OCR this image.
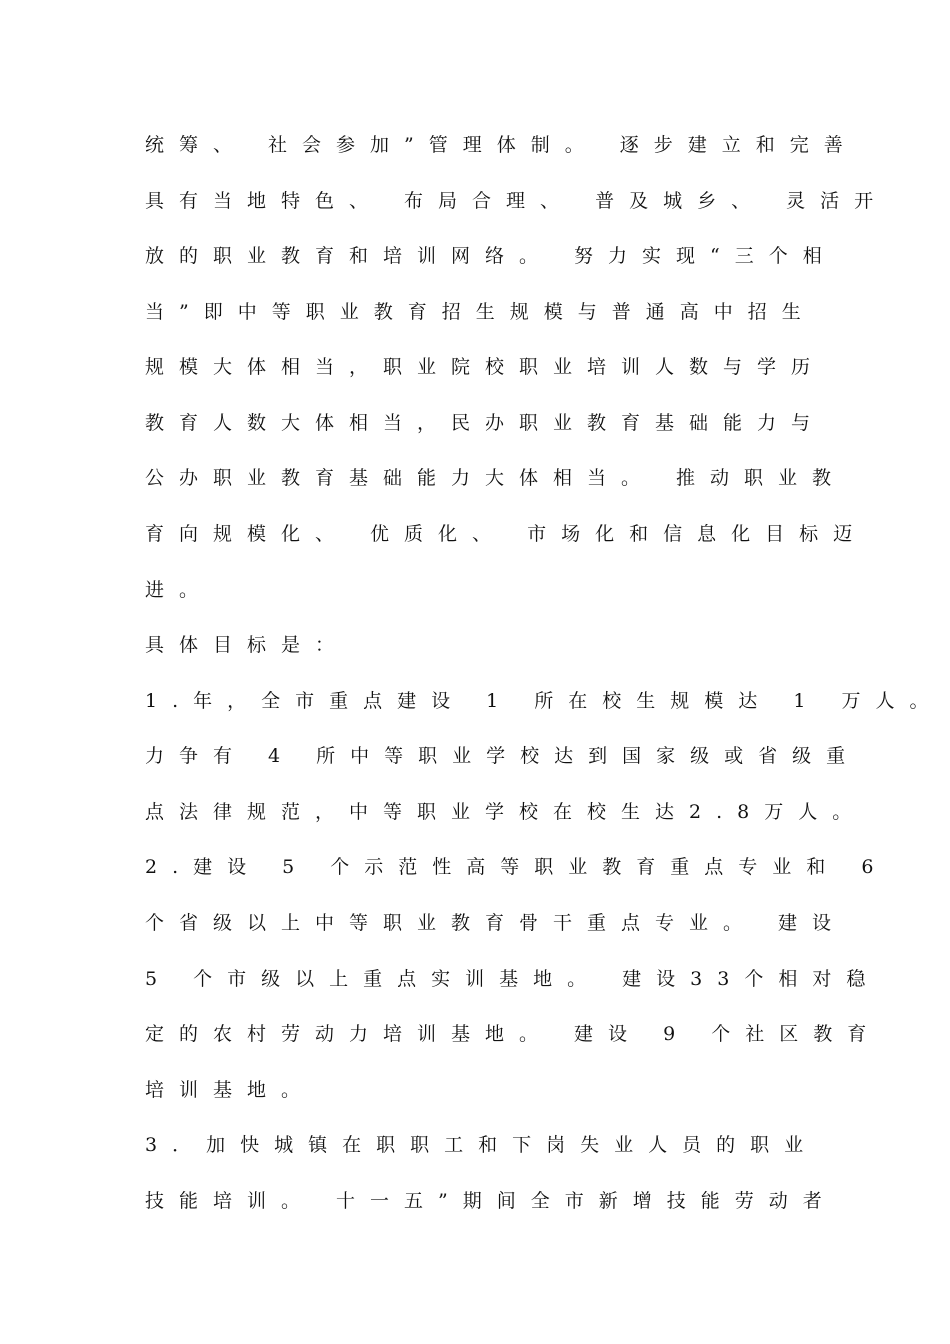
统筹、 社会参加”管理体制。 逐步建立和完善
具有当地特色、 布局合理、 普及城乡、 灵活开
放的职业教育和培训网络。 努力实现“三个相
当”即中等职业教育招生规模与普通高中招生
规模大体相当，职业院校职业培训人数与学历
教育人数大体相当，民办职业教育基础能力与
公办职业教育基础能力大体相当。 推动职业教
育向规模化、 优质化、 市场化和信息化目标迈
进。
具体目标是：
1.年，全市重点建设 1 所在校生规模达 1 万人。
力争有 4 所中等职业学校达到国家级或省级重
点法律规范，中等职业学校在校生达2.8万人。
2.建设 5 个示范性高等职业教育重点专业和 6
个省级以上中等职业教育骨干重点专业。 建设
5 个市级以上重点实训基地。 建设33个相对稳
定的农村劳动力培训基地。 建设 9 个社区教育
培训基地。
3．加快城镇在职职工和下岗失业人员的职业
技能培训。 十一五”期间全市新增技能劳动者
